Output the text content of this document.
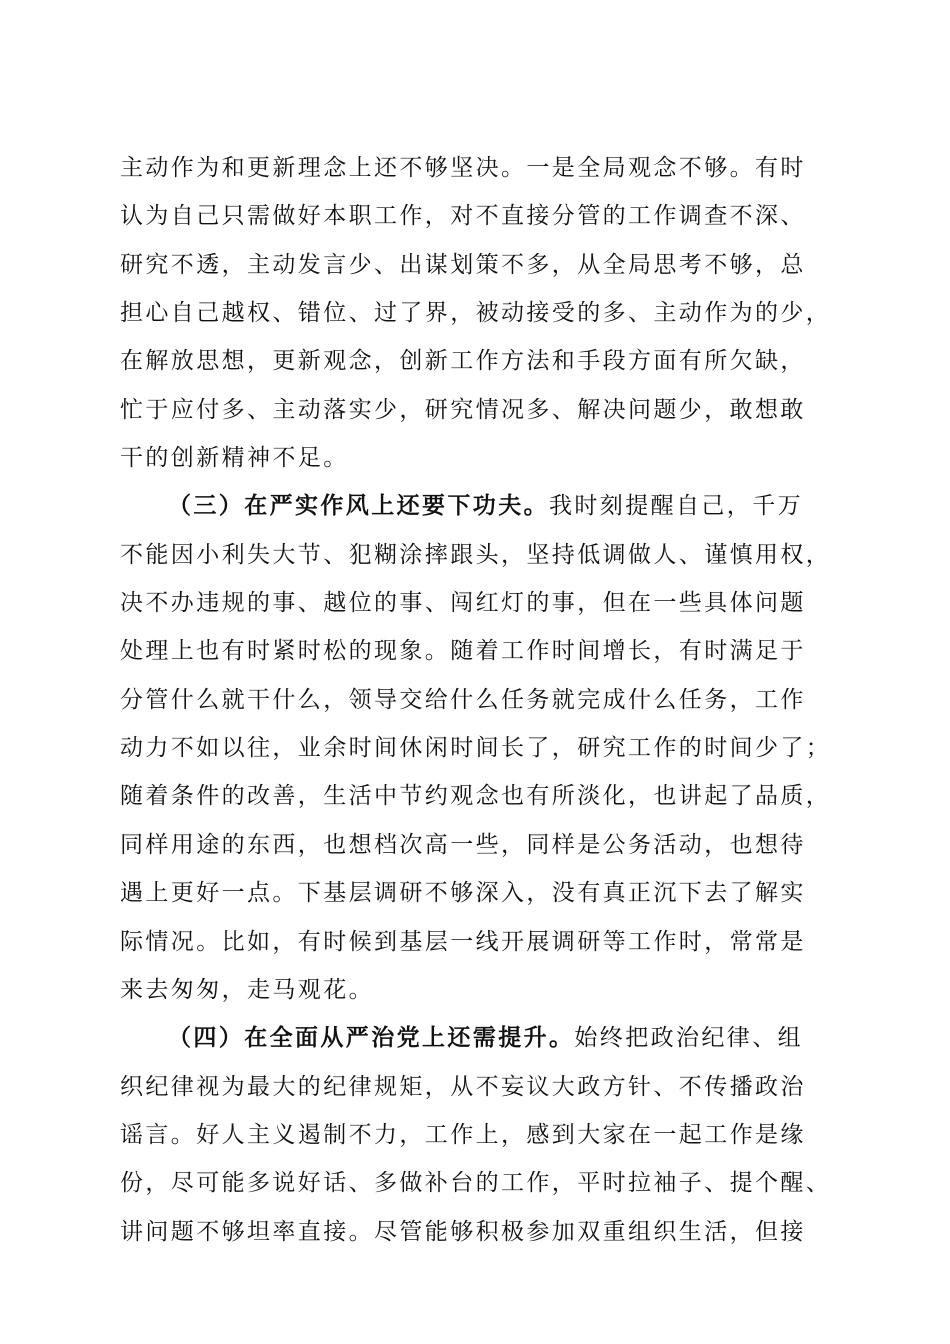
主动作为和更新理念上还不够坚决。一是全局观念不够。有时
认为自己只需做好本职工作，对不直接分管的工作调查不深、
研究不透，主动发言少、出谋划策不多，从全局思考不够，总
担心自己越权、错位、过了界，被动接受的多、主动作为的少，
在解放思想，更新观念，创新工作方法和手段方面有所欠缺，
忙于应付多、主动落实少，研究情况多、解决问题少，敢想敢
干的创新精神不足。
（三）在严实作风上还要下功夫。我时刻提醒自己，千万
不能因小利失大节、犯糊涂摔跟头，坚持低调做人、谨慎用权，
决不办违规的事、越位的事、闯红灯的事，但在一些具体问题
处理上也有时紧时松的现象。随着工作时间增长，有时满足于
分管什么就干什么，领导交给什么任务就完成什么任务，工作
动力不如以往，业余时间休闲时间长了，研究工作的时间少了；
随着条件的改善，生活中节约观念也有所淡化，也讲起了品质，
同样用途的东西，也想档次高一些，同样是公务活动，也想待
遇上更好一点。下基层调研不够深入，没有真正沉下去了解实
际情况。比如，有时候到基层一线开展调研等工作时，常常是
来去匆匆，走马观花。
（四）在全面从严治党上还需提升。始终把政治纪律、组
织纪律视为最大的纪律规矩，从不妄议大政方针、不传播政治
谣言。好人主义遏制不力，工作上，感到大家在一起工作是缘
份，尽可能多说好话、多做补台的工作，平时拉袖子、提个醒、
讲问题不够坦率直接。尽管能够积极参加双重组织生活，但接
